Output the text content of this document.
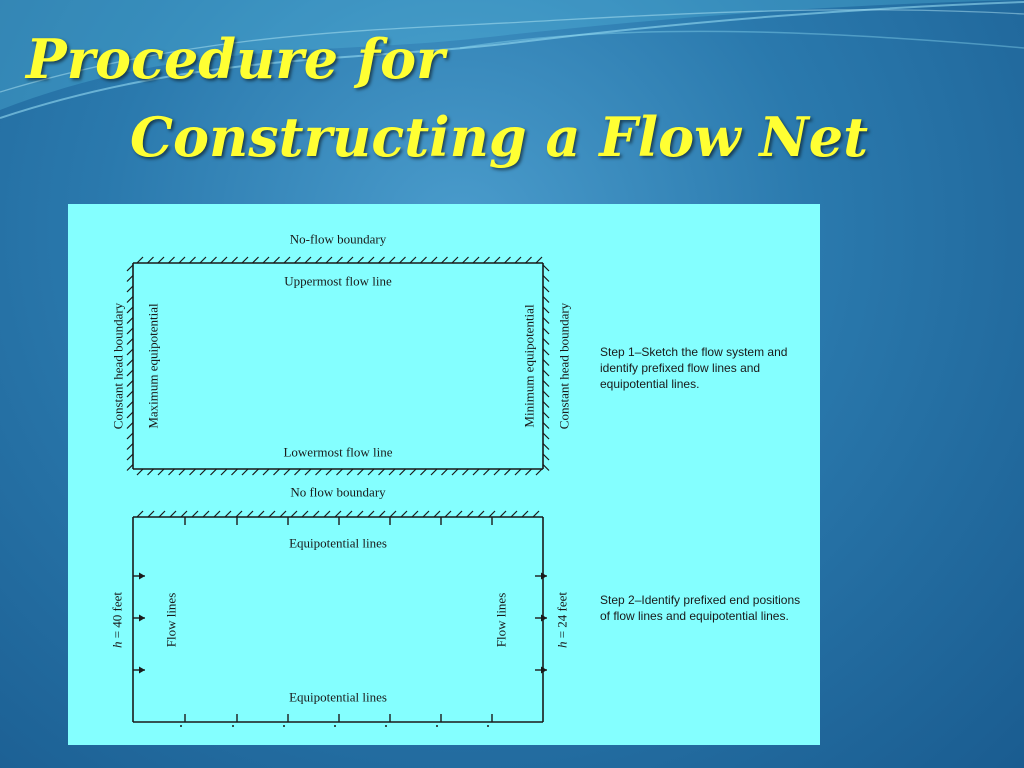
Procedure for
Constructing a Flow Net
No-flow boundary
Uppermost flow line
Lowermost flow line
Constant head boundary Maximum equipotential	Minimum equipotential Constant head boundary Step 1–Sketch the flow system and identify prefixed flow lines and equipotential lines.
No flow boundary
Equipotential lines
Equipotential lines
h = 40 feet	Flow lines	Flow lines	h = 24 feet	Step 2–Identify prefixed end positions of flow lines and equipotential lines.
